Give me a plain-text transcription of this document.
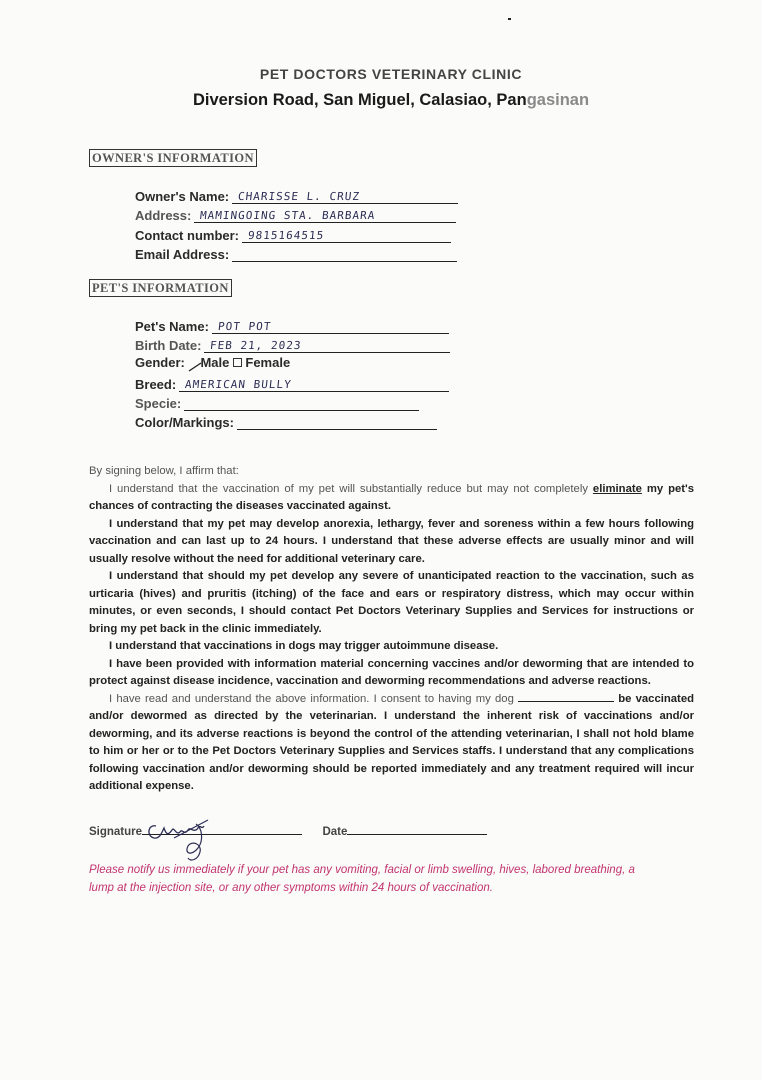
PET DOCTORS VETERINARY CLINIC
Diversion Road, San Miguel, Calasiao, Pangasinan
OWNER'S INFORMATION
Owner's Name: CHARISSE L. CRUZ
Address: MAMINGOING STA. BARBARA
Contact number: 9815164515
Email Address:
PET'S INFORMATION
Pet's Name: POT POT
Birth Date: FEB 21, 2023
Gender: Male Female
Breed: AMERICAN BULLY
Specie:
Color/Markings:

By signing below, I affirm that:

I understand that the vaccination of my pet will substantially reduce but may not completely eliminate my pet's chances of contracting the diseases vaccinated against.

I understand that my pet may develop anorexia, lethargy, fever and soreness within a few hours following vaccination and can last up to 24 hours. I understand that these adverse effects are usually minor and will usually resolve without the need for additional veterinary care.

I understand that should my pet develop any severe of unanticipated reaction to the vaccination, such as urticaria (hives) and pruritis (itching) of the face and ears or respiratory distress, which may occur within minutes, or even seconds, I should contact Pet Doctors Veterinary Supplies and Services for instructions or bring my pet back in the clinic immediately.

I understand that vaccinations in dogs may trigger autoimmune disease.

I have been provided with information material concerning vaccines and/or deworming that are intended to protect against disease incidence, vaccination and deworming recommendations and adverse reactions.

I have read and understand the above information. I consent to having my dog	be vaccinated and/or dewormed as directed by the veterinarian. I understand the inherent risk of vaccinations and/or deworming, and its adverse reactions is beyond the control of the attending veterinarian, I shall not hold blame to him or her or to the Pet Doctors Veterinary Supplies and Services staffs. I understand that any complications following vaccination and/or deworming should be reported immediately and any treatment required will incur additional expense.

Signature	Date
Please notify us immediately if your pet has any vomiting, facial or limb swelling, hives, labored breathing, a lump at the injection site, or any other symptoms within 24 hours of vaccination.
